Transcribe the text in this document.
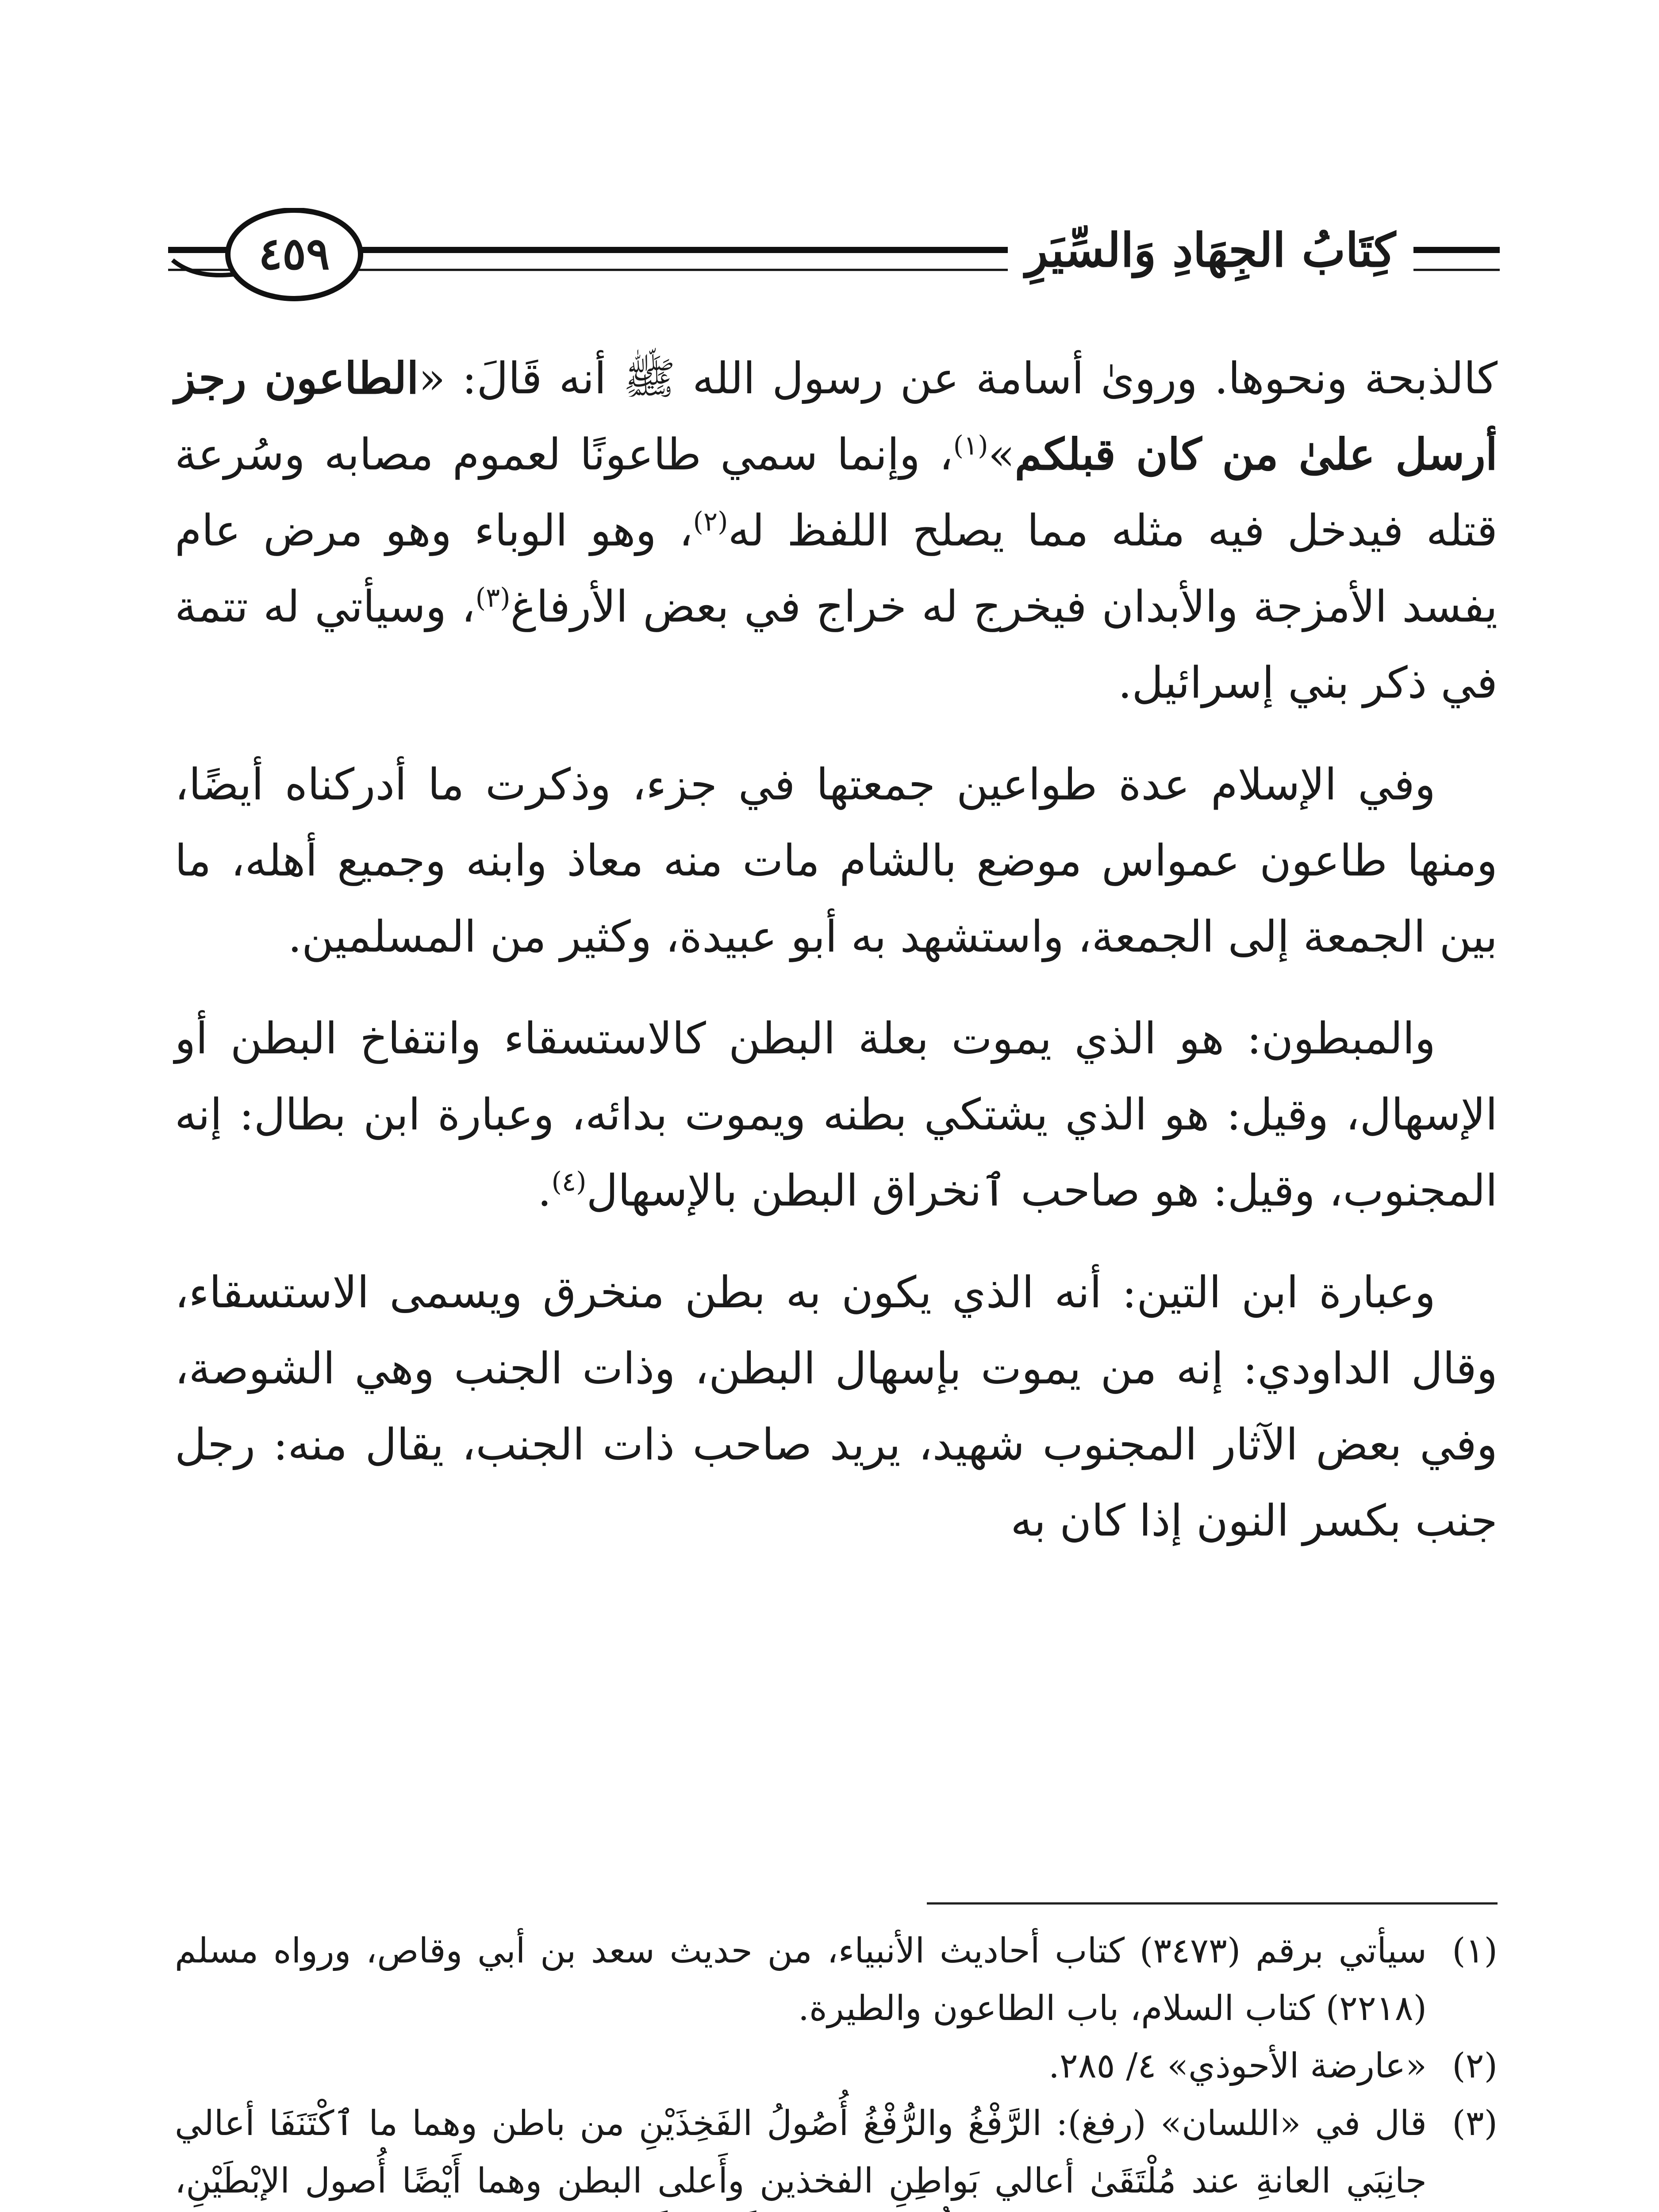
كِتَابُ الجِهَادِ وَالسِّيَرِ
٤٥٩

كالذبحة ونحوها. وروىٰ أسامة عن رسول الله ﷺ أنه قَالَ: «الطاعون رجز أرسل علىٰ من كان قبلكم»$^{(١)}$، وإنما سمي طاعونًا لعموم مصابه وسُرعة قتله فيدخل فيه مثله مما يصلح اللفظ له$^{(٢)}$، وهو الوباء وهو مرض عام يفسد الأمزجة والأبدان فيخرج له خراج في بعض الأرفاغ$^{(٣)}$، وسيأتي له تتمة في ذكر بني إسرائيل.

وفي الإسلام عدة طواعين جمعتها في جزء، وذكرت ما أدركناه أيضًا، ومنها طاعون عمواس موضع بالشام مات منه معاذ وابنه وجميع أهله، ما بين الجمعة إلى الجمعة، واستشهد به أبو عبيدة، وكثير من المسلمين.

والمبطون: هو الذي يموت بعلة البطن كالاستسقاء وانتفاخ البطن أو الإسهال، وقيل: هو الذي يشتكي بطنه ويموت بدائه، وعبارة ابن بطال: إنه المجنوب، وقيل: هو صاحب ٱنخراق البطن بالإسهال$^{(٤)}$.

وعبارة ابن التين: أنه الذي يكون به بطن منخرق ويسمى الاستسقاء، وقال الداودي: إنه من يموت بإسهال البطن، وذات الجنب وهي الشوصة، وفي بعض الآثار المجنوب شهيد، يريد صاحب ذات الجنب، يقال منه: رجل جنب بكسر النون إذا كان به

(١)
سيأتي برقم (٣٤٧٣) كتاب أحاديث الأنبياء، من حديث سعد بن أبي وقاص، ورواه مسلم (٢٢١٨) كتاب السلام، باب الطاعون والطيرة.
(٢)
«عارضة الأحوذي» ٤/ ٢٨٥.
(٣)
قال في «اللسان» (رفغ): الرَّفْغُ والرُّفْغُ أُصُولُ الفَخِذَيْنِ من باطن وهما ما ٱكْتَنَفَا أعالي جانِبَي العانةِ عند مُلْتَقَىٰ أعالي بَواطِنِ الفخذين وأَعلى البطن وهما أَيْضًا أُصول الإبْطَيْنِ،
